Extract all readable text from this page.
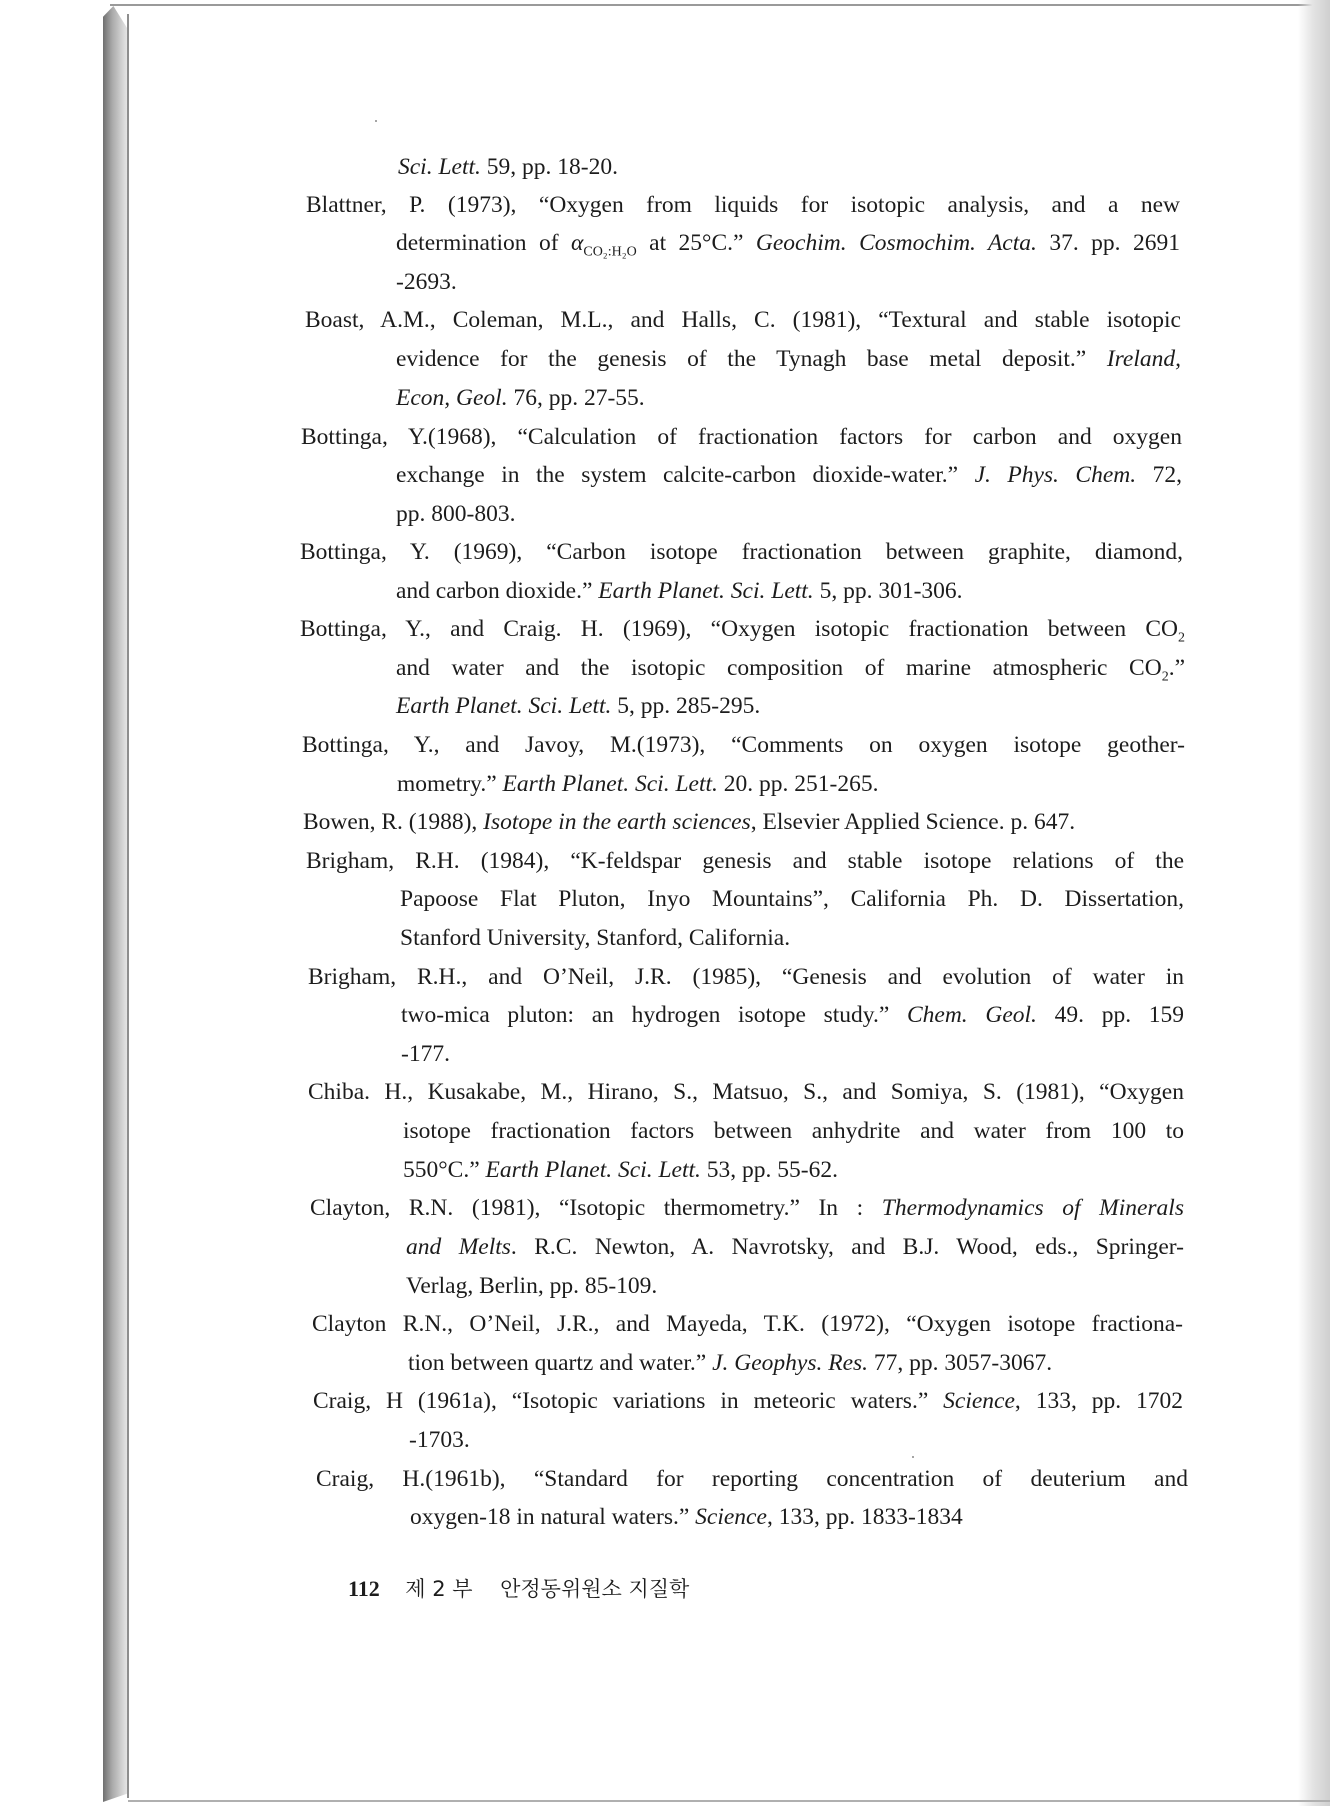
Sci. Lett. 59, pp. 18-20.
Blattner, P. (1973), “Oxygen from liquids for isotopic analysis, and a new
determination of $\alpha_{CO_2:H_2O}$ at 25°C.” Geochim. Cosmochim. Acta. 37. pp. 2691
-2693.
Boast, A.M., Coleman, M.L., and Halls, C. (1981), “Textural and stable isotopic
evidence for the genesis of the Tynagh base metal deposit.” Ireland,
Econ, Geol. 76, pp. 27-55.
Bottinga, Y.(1968), “Calculation of fractionation factors for carbon and oxygen
exchange in the system calcite-carbon dioxide-water.” J. Phys. Chem. 72,
pp. 800-803.
Bottinga, Y. (1969), “Carbon isotope fractionation between graphite, diamond,
and carbon dioxide.” Earth Planet. Sci. Lett. 5, pp. 301-306.
Bottinga, Y., and Craig. H. (1969), “Oxygen isotopic fractionation between $CO_2$
and water and the isotopic composition of marine atmospheric $CO_2$.”
Earth Planet. Sci. Lett. 5, pp. 285-295.
Bottinga, Y., and Javoy, M.(1973), “Comments on oxygen isotope geother-
mometry.” Earth Planet. Sci. Lett. 20. pp. 251-265.
Bowen, R. (1988), Isotope in the earth sciences, Elsevier Applied Science. p. 647.
Brigham, R.H. (1984), “K-feldspar genesis and stable isotope relations of the
Papoose Flat Pluton, Inyo Mountains”, California Ph. D. Dissertation,
Stanford University, Stanford, California.
Brigham, R.H., and O’Neil, J.R. (1985), “Genesis and evolution of water in
two-mica pluton: an hydrogen isotope study.” Chem. Geol. 49. pp. 159
-177.
Chiba. H., Kusakabe, M., Hirano, S., Matsuo, S., and Somiya, S. (1981), “Oxygen
isotope fractionation factors between anhydrite and water from 100 to
550°C.” Earth Planet. Sci. Lett. 53, pp. 55-62.
Clayton, R.N. (1981), “Isotopic thermometry.” In : Thermodynamics of Minerals
and Melts. R.C. Newton, A. Navrotsky, and B.J. Wood, eds., Springer-
Verlag, Berlin, pp. 85-109.
Clayton R.N., O’Neil, J.R., and Mayeda, T.K. (1972), “Oxygen isotope fractiona-
tion between quartz and water.” J. Geophys. Res. 77, pp. 3057-3067.
Craig, H (1961a), “Isotopic variations in meteoric waters.” Science, 133, pp. 1702
-1703.
Craig, H.(1961b), “Standard for reporting concentration of deuterium and
oxygen-18 in natural waters.” Science, 133, pp. 1833-1834
112 제 2 부 안정동위원소 지질학
